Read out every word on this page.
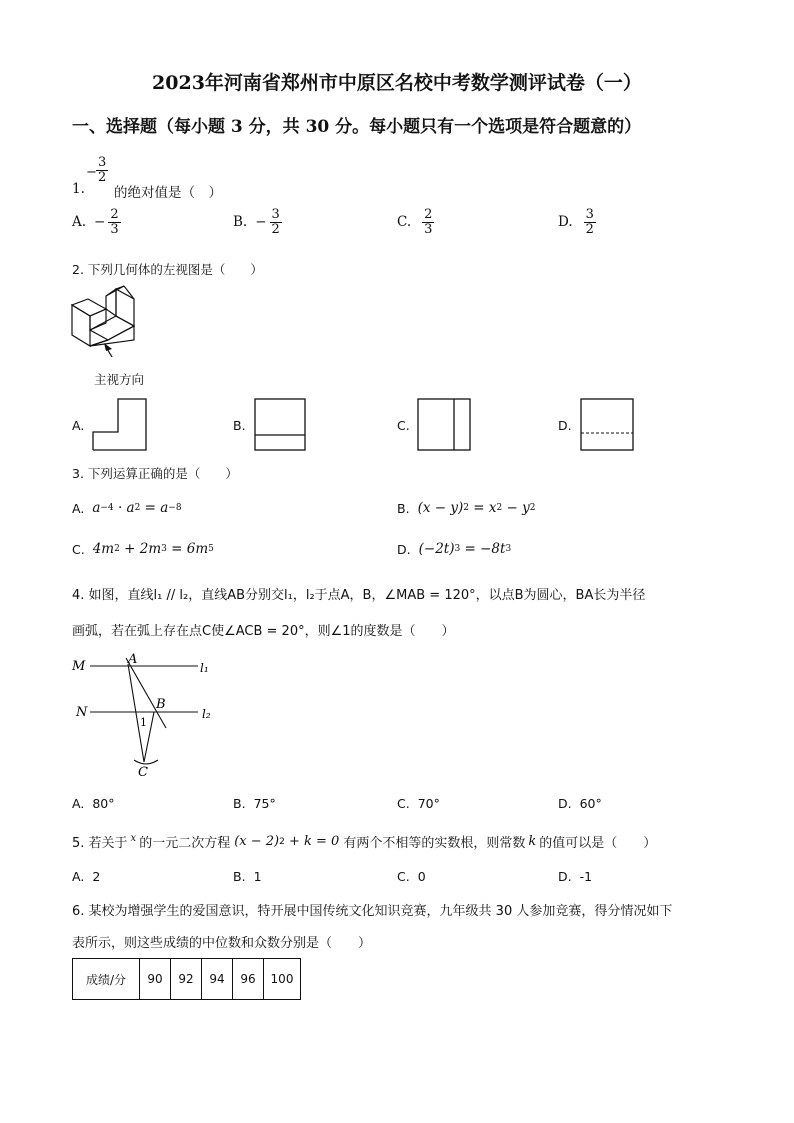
2023年河南省郑州市中原区名校中考数学测评试卷（一）
一、选择题（每小题 3 分，共 30 分。每小题只有一个选项是符合题意的）
1.
−
3
2
的绝对值是（　）
A. − $\frac{2}{3}$	B. − $\frac{3}{2}$	C. $\frac{2}{3}$	D. $\frac{3}{2}$
2. 下列几何体的左视图是（　　）
主视方向
A.	B.	C.	D.
3. 下列运算正确的是（　　）
A. a −4 · a 2 = a −8	B. (x − y) 2 = x 2 − y 2
C. 4m 2 + 2m 3 = 6m 5	D. (−2t) 3 = −8t 3
4. 如图，直线l₁ // l₂，直线AB分别交l₁，l₂于点A，B，∠MAB = 120°，以点B为圆心，BA长为半径
画弧，若在弧上存在点C使∠ACB = 20°，则∠1的度数是（　　）
M
N
A
B
C
l₁
l₂
1
A. 80°	B. 75°	C. 70°	D. 60°
5. 若关于 x 的一元二次方程 (x − 2) 2 + k = 0 有两个不相等的实数根，则常数 k 的值可以是（　　）
A. 2	B. 1	C. 0	D. -1
6. 某校为增强学生的爱国意识，特开展中国传统文化知识竞赛，九年级共 30 人参加竞赛，得分情况如下
表所示，则这些成绩的中位数和众数分别是（　　）
成绩/分	90	92	94	96	100
